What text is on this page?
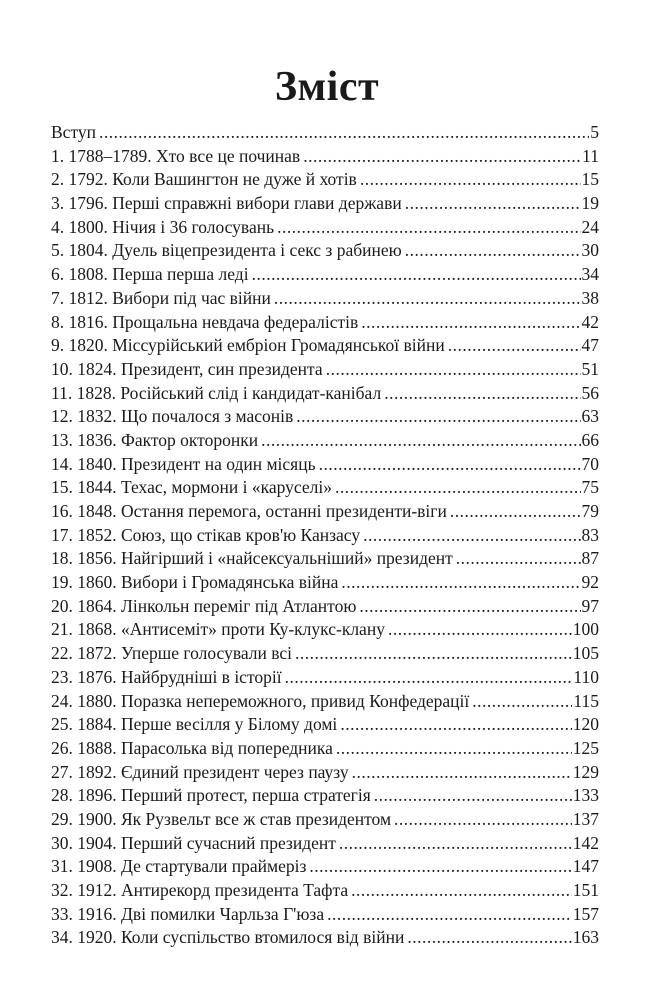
Зміст
Вступ .....	5
1. 1788–1789. Хто все це починав .....	11
2. 1792. Коли Вашингтон не дуже й хотів .....	15
3. 1796. Перші справжні вибори глави держави .....	19
4. 1800. Нічия і 36 голосувань .....	24
5. 1804. Дуель віцепрезидента і секс з рабинею .....	30
6. 1808. Перша перша леді .....	34
7. 1812. Вибори під час війни .....	38
8. 1816. Прощальна невдача федералістів .....	42
9. 1820. Міссурійський ембріон Громадянської війни .....	47
10. 1824. Президент, син президента .....	51
11. 1828. Російський слід і кандидат-канібал .....	56
12. 1832. Що почалося з масонів .....	63
13. 1836. Фактор окторонки .....	66
14. 1840. Президент на один місяць .....	70
15. 1844. Техас, мормони і «каруселі» .....	75
16. 1848. Остання перемога, останні президенти-віги .....	79
17. 1852. Союз, що стікав кров'ю Канзасу .....	83
18. 1856. Найгірший і «найсексуальніший» президент .....	87
19. 1860. Вибори і Громадянська війна .....	92
20. 1864. Лінкольн переміг під Атлантою .....	97
21. 1868. «Антисеміт» проти Ку-клукс-клану .....	100
22. 1872. Уперше голосували всі .....	105
23. 1876. Найбрудніші в історії .....	110
24. 1880. Поразка непереможного, привид Конфедерації .....	115
25. 1884. Перше весілля у Білому домі .....	120
26. 1888. Парасолька від попередника .....	125
27. 1892. Єдиний президент через паузу .....	129
28. 1896. Перший протест, перша стратегія .....	133
29. 1900. Як Рузвельт все ж став президентом .....	137
30. 1904. Перший сучасний президент .....	142
31. 1908. Де стартували праймеріз .....	147
32. 1912. Антирекорд президента Тафта .....	151
33. 1916. Дві помилки Чарльза Г'юза .....	157
34. 1920. Коли суспільство втомилося від війни .....	163
